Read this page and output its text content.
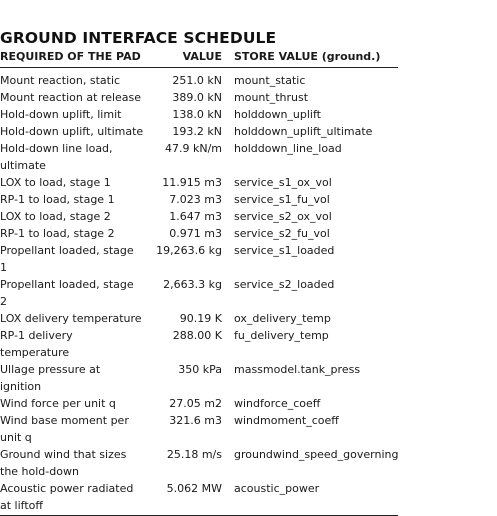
GROUND INTERFACE SCHEDULE
REQUIRED OF THE PAD	VALUE	STORE VALUE (ground.)
Mount reaction, static	251.0 kN	mount_static
Mount reaction at release	389.0 kN	mount_thrust
Hold-down uplift, limit	138.0 kN	holddown_uplift
Hold-down uplift, ultimate	193.2 kN	holddown_uplift_ultimate
Hold-down line load, ultimate	47.9 kN/m	holddown_line_load
LOX to load, stage 1	11.915 m3	service_s1_ox_vol
RP-1 to load, stage 1	7.023 m3	service_s1_fu_vol
LOX to load, stage 2	1.647 m3	service_s2_ox_vol
RP-1 to load, stage 2	0.971 m3	service_s2_fu_vol
Propellant loaded, stage 1	19,263.6 kg	service_s1_loaded
Propellant loaded, stage 2	2,663.3 kg	service_s2_loaded
LOX delivery temperature	90.19 K	ox_delivery_temp
RP-1 delivery temperature	288.00 K	fu_delivery_temp
Ullage pressure at ignition	350 kPa	massmodel.tank_press
Wind force per unit q	27.05 m2	windforce_coeff
Wind base moment per unit q	321.6 m3	windmoment_coeff
Ground wind that sizes the hold-down	25.18 m/s	groundwind_speed_governing
Acoustic power radiated at liftoff	5.062 MW	acoustic_power
